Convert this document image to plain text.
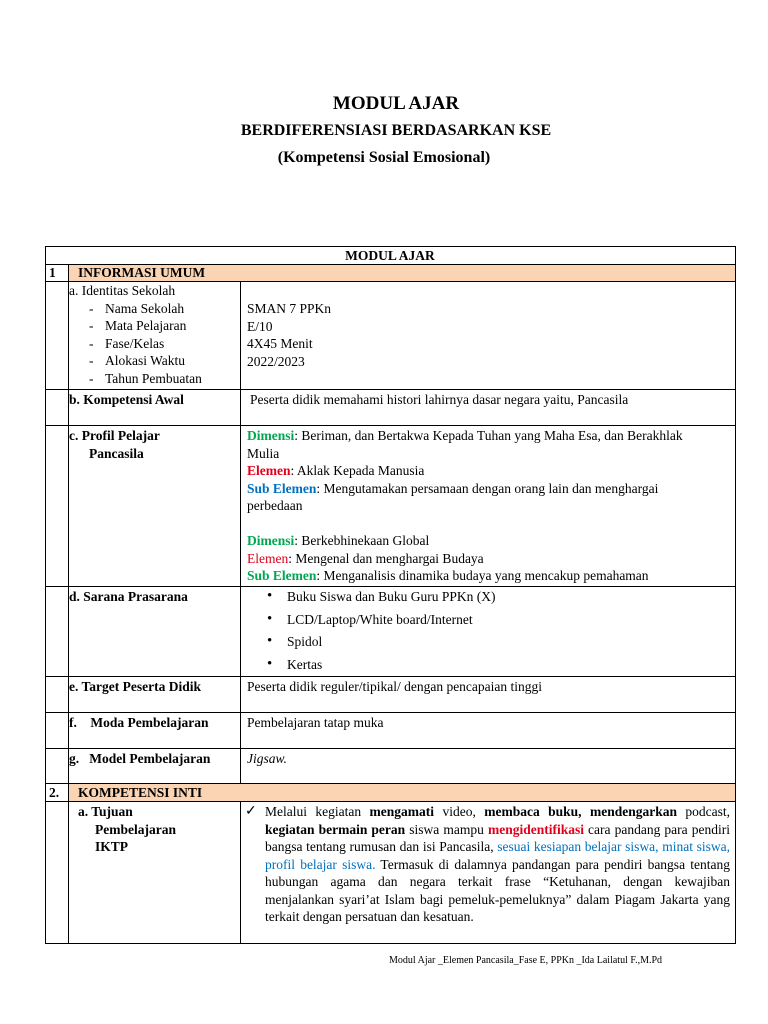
MODUL AJAR
BERDIFERENSIASI BERDASARKAN KSE
(Kompetensi Sosial Emosional)
MODUL AJAR
1 INFORMASI UMUM
a. Identitas Sekolah
- Nama Sekolah
- Mata Pelajaran
- Fase/Kelas
- Alokasi Waktu
- Tahun Pembuatan
SMAN 7 PPKn
E/10
4X45 Menit
2022/2023
b. Kompetensi Awal	Peserta didik memahami histori lahirnya dasar negara yaitu, Pancasila
c. Profil Pelajar
Pancasila
Dimensi: Beriman, dan Bertakwa Kepada Tuhan yang Maha Esa, dan Berakhlak
Mulia
Elemen: Aklak Kepada Manusia
Sub Elemen: Mengutamakan persamaan dengan orang lain dan menghargai
perbedaan
Dimensi: Berkebhinekaan Global
Elemen: Mengenal dan menghargai Budaya
Sub Elemen: Menganalisis dinamika budaya yang mencakup pemahaman
d. Sarana Prasarana
•	Buku Siswa dan Buku Guru PPKn (X)
• LCD/Laptop/White board/Internet
• Spidol
• Kertas
e. Target Peserta Didik	Peserta didik reguler/tipikal/ dengan pencapaian tinggi
f.    Moda Pembelajaran	Pembelajaran tatap muka
g.   Model Pembelajaran	Jigsaw.
2. KOMPETENSI INTI
a. Tujuan
Pembelajaran
IKTP
✓ Melalui kegiatan mengamati video, membaca buku, mendengarkan podcast, kegiatan bermain peran siswa mampu mengidentifikasi cara pandang para pendiri bangsa tentang rumusan dan isi Pancasila, sesuai kesiapan belajar siswa, minat siswa, profil belajar siswa. Termasuk di dalamnya pandangan para pendiri bangsa tentang hubungan agama dan negara terkait frase “Ketuhanan, dengan kewajiban menjalankan syari’at Islam bagi pemeluk-pemeluknya” dalam Piagam Jakarta yang terkait dengan persatuan dan kesatuan.
Modul Ajar _Elemen Pancasila_Fase E, PPKn _Ida Lailatul F.,M.Pd
